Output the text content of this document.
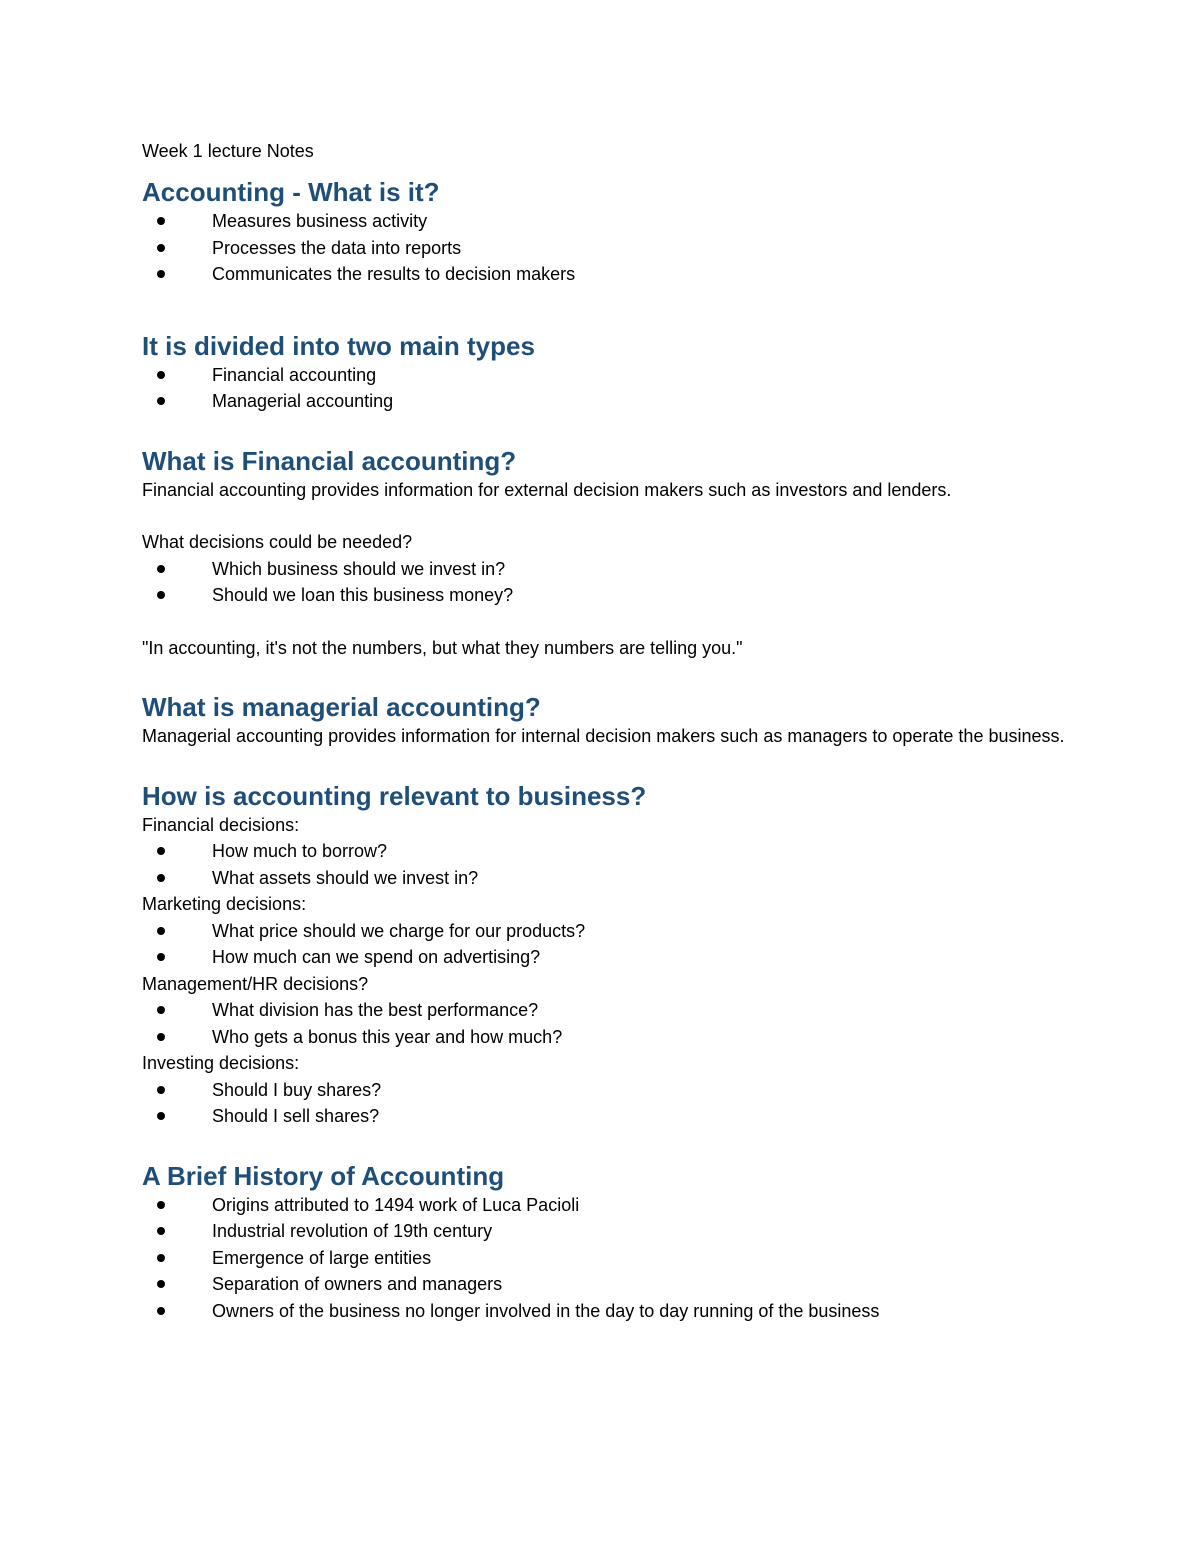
Week 1 lecture Notes
Accounting - What is it?
Measures business activity
Processes the data into reports
Communicates the results to decision makers
It is divided into two main types
Financial accounting
Managerial accounting
What is Financial accounting?

Financial accounting provides information for external decision makers such as investors and lenders.

What decisions could be needed?

Which business should we invest in?
Should we loan this business money?

"In accounting, it's not the numbers, but what they numbers are telling you."

What is managerial accounting?

Managerial accounting provides information for internal decision makers such as managers to operate the business.

How is accounting relevant to business?

Financial decisions:

How much to borrow?
What assets should we invest in?

Marketing decisions:

What price should we charge for our products?
How much can we spend on advertising?

Management/HR decisions?

What division has the best performance?
Who gets a bonus this year and how much?

Investing decisions:

Should I buy shares?
Should I sell shares?
A Brief History of Accounting
Origins attributed to 1494 work of Luca Pacioli
Industrial revolution of 19th century
Emergence of large entities
Separation of owners and managers
Owners of the business no longer involved in the day to day running of the business
